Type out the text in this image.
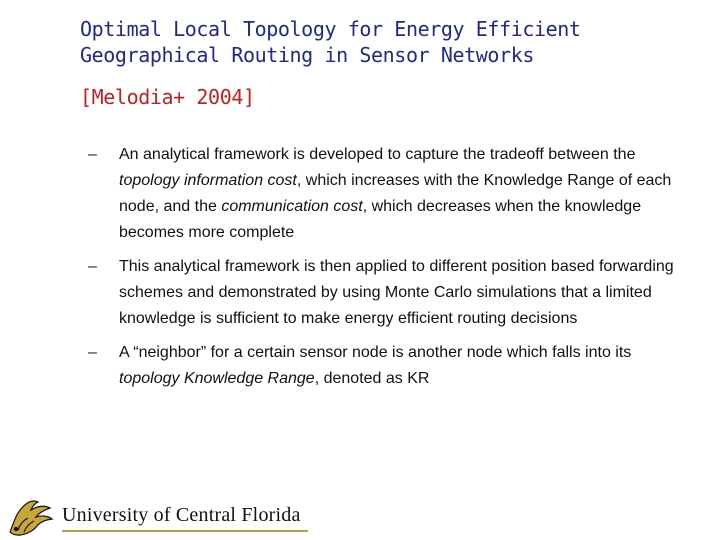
Optimal Local Topology for Energy Efficient
Geographical Routing in Sensor Networks
[Melodia+ 2004]
– An analytical framework is developed to capture the tradeoff between the topology information cost, which increases with the Knowledge Range of each node, and the communication cost, which decreases when the knowledge becomes more complete
– This analytical framework is then applied to different position based forwarding schemes and demonstrated by using Monte Carlo simulations that a limited knowledge is sufficient to make energy efficient routing decisions
– A “neighbor” for a certain sensor node is another node which falls into its topology Knowledge Range, denoted as KR
University of Central Florida
